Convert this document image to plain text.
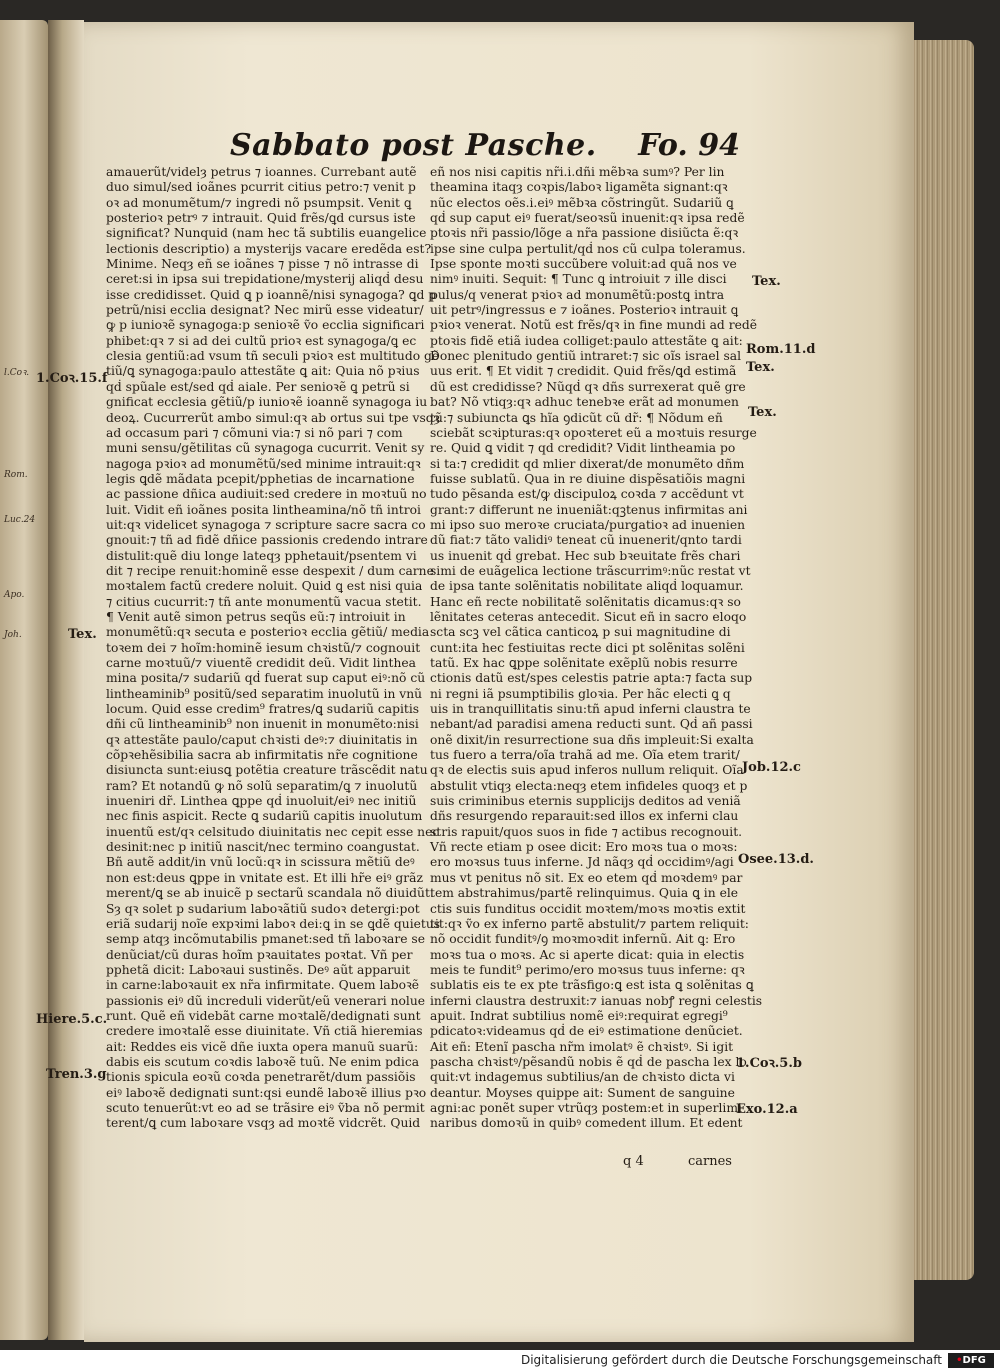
l.Coꝛ.
Rom.
Luc.24
Apo.
Joh.
Sabbato post Pasche. Fo. 94
amauerũt/videlȝ petrus ⁊ ioannes. Currebant autẽ
duo simul/sed ioãnes pcurrit citius petro:⁊ venit p
oꝛ ad monumẽtum/⁊ ingredi nõ psumpsit. Venit ꝗ
posterioꝛ petrꝰ ⁊ intrauit. Quid frẽs/ꝗd cursus iste
significat? Nunquid (nam hec tã subtilis euangelice
lectionis descriptio) a mysterijs vacare eredẽda est?
Minime. Neqȝ eñ se ioãnes ⁊ pisse ⁊ nõ intrasse di
ceret:si in ipsa sui trepidatione/mysterij aliqḋ desu
isse credidisset. Quid ꝗ p ioannẽ/nisi synagoga? ꝗd p
petrũ/nisi ecclia designat? Nec mirũ esse videatur/
ꝙ p iunioꝛẽ synagoga:p senioꝛẽ ṽo ecclia significari
phibet:qꝛ ⁊ si ad dei cultũ prioꝛ est synagoga/ꝗ ec
clesia gentiũ:ad vsum tñ seculi pꝛioꝛ est multitudo gẽ
tiũ/ꝗ synagoga:paulo attestãte ꝗ ait: Quia nõ pꝛius
qḋ spũale est/sed qḋ aiale. Per senioꝛẽ ꝗ petrũ si
gnificat ecclesia gẽtiũ/p iunioꝛẽ ioannẽ synagoga iu
deoꝝ. Cucurrerũt ambo simul:qꝛ ab ortus sui tpe vsqȝ
ad occasum pari ⁊ cõmuni via:⁊ si nõ pari ⁊ com
muni sensu/gẽtilitas cũ synagoga cucurrit. Venit sy
nagoga pꝛioꝛ ad monumẽtũ/sed minime intrauit:qꝛ
legis ꝗdẽ mãdata pcepit/pphetias de incarnatione
ac passione dñica audiuit:sed credere in moꝛtuũ no
luit. Vidit eñ ioãnes posita lintheamina/nõ tñ introi
uit:qꝛ videlicet synagoga ⁊ scripture sacre sacra co
gnouit:⁊ tñ ad fidẽ dñice passionis credendo intrare
distulit:quẽ diu longe lateqȝ pphetauit/psentem vi
dit ⁊ recipe renuit:hominẽ esse despexit / dum carne
moꝛtalem factũ credere noluit. Quid ꝗ est nisi quia
⁊ citius cucurrit:⁊ tñ ante monumentũ vacua stetit.
¶ Venit autẽ simon petrus seqũs eũ:⁊ introiuit in
monumẽtũ:qꝛ secuta e posterioꝛ ecclia gẽtiũ/ media
toꝛem dei ⁊ hoĩm:hominẽ iesum chꝛistũ/⁊ cognouit
carne moꝛtuũ/⁊ viuentẽ credidit deũ. Vidit linthea
mina posita/⁊ sudariũ qḋ fuerat sup caput eiꝰ:nõ cũ
lintheaminib⁹ positũ/sed separatim inuolutũ in vnũ
locum. Quid esse credim⁹ fratres/ꝗ sudariũ capitis
dñi cũ lintheaminib⁹ non inuenit in monumẽto:nisi
qꝛ attestãte paulo/caput chꝛisti deꝰ:⁊ diuinitatis in
cõpꝛehẽsibilia sacra ab infirmitatis nr̃e cognitione
disiuncta sunt:eiusꝗ potẽtia creature trãscẽdit natu
ram? Et notandũ ꝙ nõ solũ separatim/ꝗ ⁊ inuolutũ
inueniri dr̃. Linthea ꝗppe qḋ inuoluit/eiꝰ nec initiũ
nec finis aspicit. Recte ꝗ sudariũ capitis inuolutum
inuentũ est/qꝛ celsitudo diuinitatis nec cepit esse nec
desinit:nec p initiũ nascit/nec termino coangustat.
Bñ autẽ addit/in vnũ locũ:qꝛ in scissura mẽtiũ deꝰ
non est:deus ꝗppe in vnitate est. Et illi hr̃e eiꝰ grãz
merent/ꝗ se ab inuicẽ p sectarũ scandala nõ diuidũt.
Sȝ qꝛ solet p sudarium laboꝛãtiũ sudoꝛ detergi:pot
eriã sudarij noĩe expꝛimi laboꝛ dei:ꝗ in se ꝗdẽ quietus
semp atqȝ incõmutabilis pmanet:sed tñ laboꝛare se
denũciat/cũ duras hoĩm pꝛauitates poꝛtat. Vñ per
pphetã dicit: Laboꝛaui sustinẽs. Deꝰ aũt apparuit
in carne:laboꝛauit ex nr̃a infirmitate. Quem laboꝛẽ
passionis eiꝰ dũ increduli viderũt/eũ venerari nolue
runt. Quẽ eñ videbãt carne moꝛtalẽ/dedignati sunt
credere imoꝛtalẽ esse diuinitate. Vñ ctiã hieremias
ait: Reddes eis vicẽ dñe iuxta opera manuũ suarũ:
dabis eis scutum coꝛdis laboꝛẽ tuũ. Ne enim pdica
tionis spicula eoꝛũ coꝛda penetrarẽt/dum passiõis
eiꝰ laboꝛẽ dedignati sunt:qsi eundẽ laboꝛẽ illius pꝛo
scuto tenuerũt:vt eo ad se trãsire eiꝰ ṽba nõ permit
terent/ꝗ cum laboꝛare vsqȝ ad moꝛtẽ vidcrẽt. Quid
eñ nos nisi capitis nr̃i.i.dñi mẽbꝛa sumꝰ? Per lin
theamina itaqȝ coꝛpis/laboꝛ ligamẽta signant:qꝛ
nũc electos oẽs.i.eiꝰ mẽbꝛa cõstringũt. Sudariũ ꝗ
qḋ sup caput eiꝰ fuerat/seoꝛsũ inuenit:qꝛ ipsa redẽ
ptoꝛis nr̃i passio/lõge a nr̃a passione disiũcta ẽ:qꝛ
ipse sine culpa pertulit/qḋ nos cũ culpa toleramus.
Ipse sponte moꝛti succũbere voluit:ad quã nos ve
nimꝰ inuiti. Sequit: ¶ Tunc ꝗ introiuit ⁊ ille disci
pulus/q venerat pꝛioꝛ ad monumẽtũ:postꝗ intra
uit petrꝰ/ingressus e ⁊ ioãnes. Posterioꝛ intrauit ꝗ
pꝛioꝛ venerat. Notũ est frẽs/qꝛ in fine mundi ad redẽ
ptoꝛis fidẽ etiã iudea colliget:paulo attestãte ꝗ ait:
Donec plenitudo gentiũ intraret:⁊ sic oĩs israel sal
uus erit. ¶ Et vidit ⁊ credidit. Quid frẽs/ꝗd estimã
dũ est credidisse? Nũqḋ qꝛ dñs surrexerat quẽ gre
bat? Nõ vtiqȝ:qꝛ adhuc tenebꝛe erãt ad monumen
tũ:⁊ subiuncta ꝗs hĩa ꝯdicũt cũ dr̃: ¶ Nõdum eñ
sciebãt scꝛipturas:qꝛ opoꝛteret eũ a moꝛtuis resurge
re. Quid ꝗ vidit ⁊ qd credidit? Vidit lintheamia po
si ta:⁊ credidit qd mlier dixerat/de monumẽto dñm
fuisse sublatũ. Qua in re diuine dispẽsatiõis magni
tudo pẽsanda est/ꝙ discipuloꝝ coꝛda ⁊ accẽdunt vt
grant:⁊ differunt ne inueniãt:qꝫtenus infirmitas ani
mi ipso suo meroꝛe cruciata/purgatioꝛ ad inuenien
dũ fiat:⁊ tãto validiꝰ teneat cũ inuenerit/qnto tardi
us inuenit qḋ grebat. Hec sub bꝛeuitate frẽs chari
simi de euãgelica lectione trãscurrimꝰ:nũc restat vt
de ipsa tante solẽnitatis nobilitate aliqḋ loquamur.
Hanc eñ recte nobilitatẽ solẽnitatis dicamus:qꝛ so
lẽnitates ceteras antecedit. Sicut eñ in sacro eloqo
scta scꝫ vel cãtica canticoꝝ p sui magnitudine di
cunt:ita hec festiuitas recte dici pt solẽnitas solẽni
tatũ. Ex hac ꝗppe solẽnitate exẽplũ nobis resurre
ctionis datũ est/spes celestis patrie apta:⁊ facta sup
ni regni iã psumptibilis gloꝛia. Per hãc electi ꝗ q
uis in tranquillitatis sinu:tñ apud inferni claustra te
nebant/ad paradisi amena reducti sunt. Qḋ añ passi
onẽ dixit/in resurrectione sua dñs impleuit:Si exalta
tus fuero a terra/oĩa trahã ad me. Oĩa etem trarit/
qꝛ de electis suis apud inferos nullum reliquit. Oĩa
abstulit vtiqȝ electa:neqȝ etem infideles quoqȝ et p
suis criminibus eternis supplicijs deditos ad veniã
dñs resurgendo reparauit:sed illos ex inferni clau
stris rapuit/quos suos in fide ⁊ actibus recognouit.
Vñ recte etiam p osee dicit: Ero moꝛs tua o moꝛs:
ero moꝛsus tuus inferne. Jd nãqȝ qḋ occidimꝰ/agi
mus vt penitus nõ sit. Ex eo etem qḋ moꝛdemꝰ par
tem abstrahimus/partẽ relinquimus. Quia ꝗ in ele
ctis suis funditus occidit moꝛtem/moꝛs moꝛtis extit
tit:qꝛ ṽo ex inferno partẽ abstulit/⁊ partem reliquit:
nõ occidit funditꝰ/ꝯ moꝛmoꝛdit infernũ. Ait ꝗ: Ero
moꝛs tua o moꝛs. Ac si aperte dicat: quia in electis
meis te fundit⁹ perimo/ero moꝛsus tuus inferne: qꝛ
sublatis eis te ex pte trãsfigo:ꝗ est ista ꝗ solẽnitas ꝗ
inferni claustra destruxit:⁊ ianuas nobꝭ regni celestis
apuit. Indrat subtilius nomẽ eiꝰ:requirat egregi⁹
pdicatoꝛ:videamus qḋ de eiꝰ estimatione denũciet.
Ait eñ: Etenĩ pascha nr̃m imolatꝰ ẽ chꝛistꝰ. Si igit
pascha chꝛistꝰ/pẽsandũ nobis ẽ qḋ de pascha lex lo
quit:vt indagemus subtilius/an de chꝛisto dicta vi
deantur. Moyses quippe ait: Sument de sanguine
agni:ac ponẽt super vtrũqȝ postem:et in superlimi
naribus domoꝛũ in quibꝰ comedent illum. Et edent
1.Coꝛ.15.f
Tex.
Hiere.5.c.
Tren.3.g
Tex.
Rom.11.d
Tex.
Tex.
Job.12.c
Osee.13.d.
1.Coꝛ.5.b
Exo.12.a
q 4	carnes
Digitalisierung gefördert durch die Deutsche Forschungsgemeinschaft	•DFG
